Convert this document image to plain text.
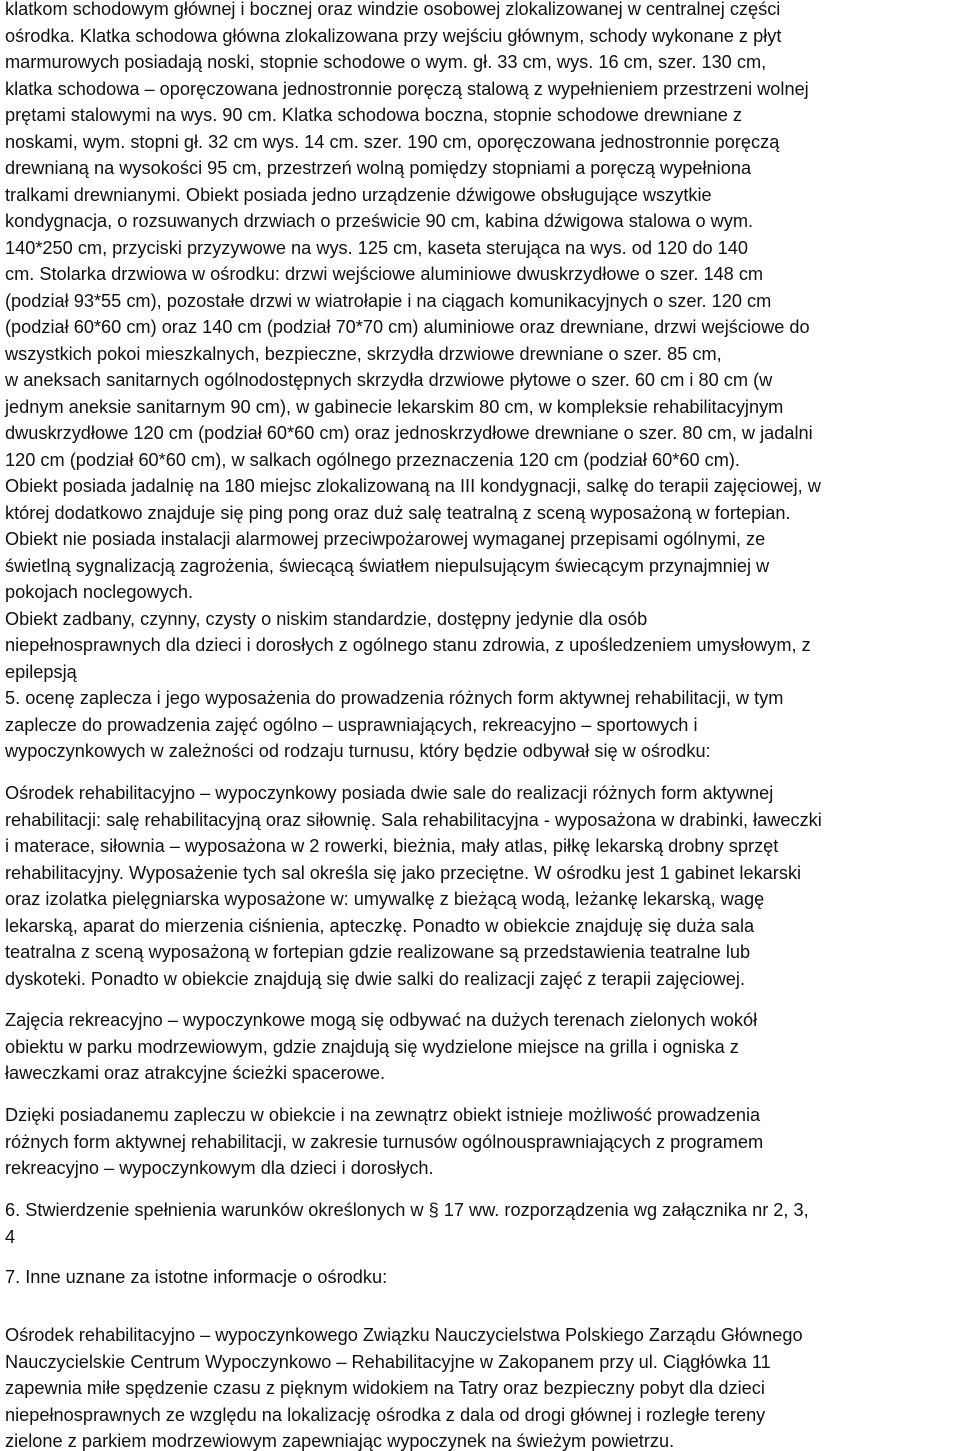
klatkom schodowym głównej i bocznej oraz windzie osobowej zlokalizowanej w centralnej części
ośrodka. Klatka schodowa główna zlokalizowana przy wejściu głównym, schody wykonane z płyt
marmurowych posiadają noski, stopnie schodowe o wym. gł. 33 cm, wys. 16 cm, szer. 130 cm,
klatka schodowa – oporęczowana jednostronnie poręczą stalową z wypełnieniem przestrzeni wolnej
prętami stalowymi na wys. 90 cm. Klatka schodowa boczna, stopnie schodowe drewniane z
noskami, wym. stopni gł. 32 cm wys. 14 cm. szer. 190 cm, oporęczowana jednostronnie poręczą
drewnianą na wysokości 95 cm, przestrzeń wolną pomiędzy stopniami a poręczą wypełniona
tralkami drewnianymi. Obiekt posiada jedno urządzenie dźwigowe obsługujące wszytkie
kondygnacja, o rozsuwanych drzwiach o prześwicie 90 cm, kabina dźwigowa stalowa o wym.
140*250 cm, przyciski przyzywowe na wys. 125 cm, kaseta sterująca na wys. od 120 do 140
cm. Stolarka drzwiowa w ośrodku: drzwi wejściowe aluminiowe dwuskrzydłowe o szer. 148 cm
(podział 93*55 cm), pozostałe drzwi w wiatrołapie i na ciągach komunikacyjnych o szer. 120 cm
(podział 60*60 cm) oraz 140 cm (podział 70*70 cm) aluminiowe oraz drewniane, drzwi wejściowe do
wszystkich pokoi mieszkalnych, bezpieczne, skrzydła drzwiowe drewniane o szer. 85 cm,
w aneksach sanitarnych ogólnodostępnych skrzydła drzwiowe płytowe o szer. 60 cm i 80 cm (w
jednym aneksie sanitarnym 90 cm), w gabinecie lekarskim 80 cm, w kompleksie rehabilitacyjnym
dwuskrzydłowe 120 cm (podział 60*60 cm) oraz jednoskrzydłowe drewniane o szer. 80 cm, w jadalni
120 cm (podział 60*60 cm), w salkach ogólnego przeznaczenia 120 cm (podział 60*60 cm).
Obiekt posiada jadalnię na 180 miejsc zlokalizowaną na III kondygnacji, salkę do terapii zajęciowej, w
której dodatkowo znajduje się ping pong oraz duż salę teatralną z sceną wyposażoną w fortepian.
Obiekt nie posiada instalacji alarmowej przeciwpożarowej wymaganej przepisami ogólnymi, ze
świetlną sygnalizacją zagrożenia, świecącą światłem niepulsującym świecącym przynajmniej w
pokojach noclegowych.
Obiekt zadbany, czynny, czysty o niskim standardzie, dostępny jedynie dla osób
niepełnosprawnych dla dzieci i dorosłych z ogólnego stanu zdrowia, z upośledzeniem umysłowym, z
epilepsją

5. ocenę zaplecza i jego wyposażenia do prowadzenia różnych form aktywnej rehabilitacji, w tym
zaplecze do prowadzenia zajęć ogólno – usprawniających, rekreacyjno – sportowych i
wypoczynkowych w zależności od rodzaju turnusu, który będzie odbywał się w ośrodku:

Ośrodek rehabilitacyjno – wypoczynkowy posiada dwie sale do realizacji różnych form aktywnej
rehabilitacji: salę rehabilitacyjną oraz siłownię. Sala rehabilitacyjna - wyposażona w drabinki, ławeczki
i materace, siłownia – wyposażona w 2 rowerki, bieżnia, mały atlas, piłkę lekarską drobny sprzęt
rehabilitacyjny. Wyposażenie tych sal określa się jako przeciętne. W ośrodku jest 1 gabinet lekarski
oraz izolatka pielęgniarska wyposażone w: umywalkę z bieżącą wodą, leżankę lekarską, wagę
lekarską, aparat do mierzenia ciśnienia, apteczkę. Ponadto w obiekcie znajduję się duża sala
teatralna z sceną wyposażoną w fortepian gdzie realizowane są przedstawienia teatralne lub
dyskoteki. Ponadto w obiekcie znajdują się dwie salki do realizacji zajęć z terapii zajęciowej.

Zajęcia rekreacyjno – wypoczynkowe mogą się odbywać na dużych terenach zielonych wokół
obiektu w parku modrzewiowym, gdzie znajdują się wydzielone miejsce na grilla i ogniska z
ławeczkami oraz atrakcyjne ścieżki spacerowe.

Dzięki posiadanemu zapleczu w obiekcie i na zewnątrz obiekt istnieje możliwość prowadzenia
różnych form aktywnej rehabilitacji, w zakresie turnusów ogólnousprawniających z programem
rekreacyjno – wypoczynkowym dla dzieci i dorosłych.

6. Stwierdzenie spełnienia warunków określonych w § 17 ww. rozporządzenia wg załącznika nr 2, 3,
4

7. Inne uznane za istotne informacje o ośrodku:

Ośrodek rehabilitacyjno – wypoczynkowego Związku Nauczycielstwa Polskiego Zarządu Głównego
Nauczycielskie Centrum Wypoczynkowo – Rehabilitacyjne w Zakopanem przy ul. Ciągłówka 11
zapewnia miłe spędzenie czasu z pięknym widokiem na Tatry oraz bezpieczny pobyt dla dzieci
niepełnosprawnych ze względu na lokalizację ośrodka z dala od drogi głównej i rozległe tereny
zielone z parkiem modrzewiowym zapewniając wypoczynek na świeżym powietrzu.
